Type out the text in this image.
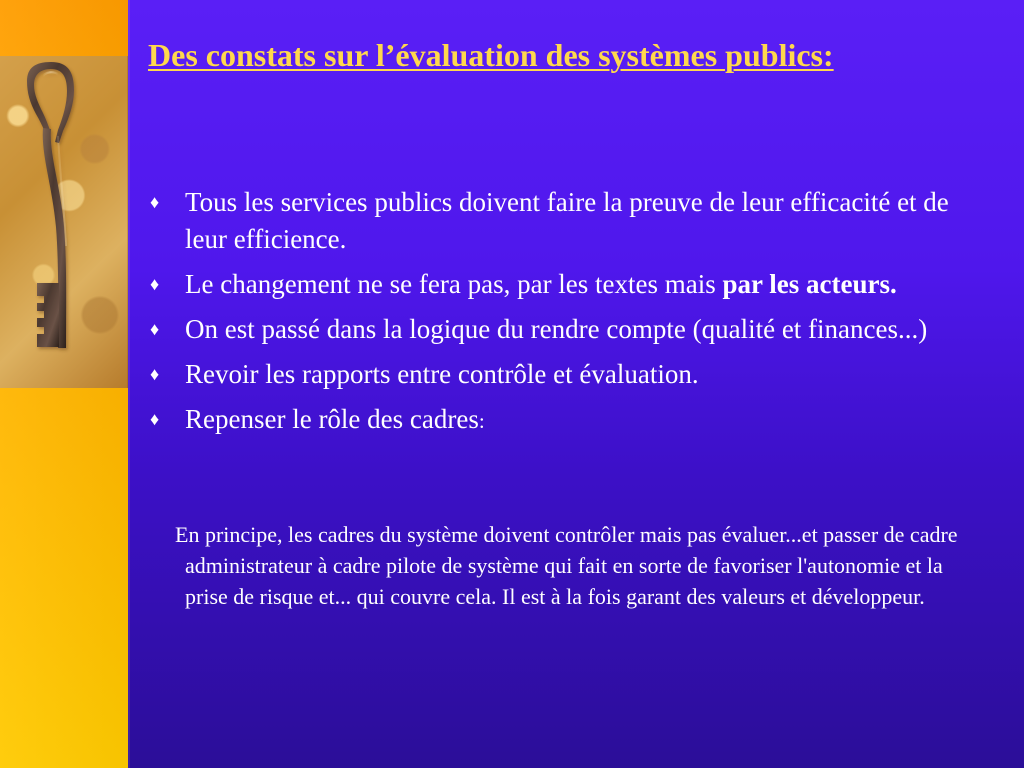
Des constats sur l’évaluation des systèmes publics:
♦ Tous les services publics doivent faire la preuve de leur efficacité et de leur efficience.
♦ Le changement ne se fera pas, par les textes mais par les acteurs.
♦ On est passé dans la logique du rendre compte (qualité et finances...)
♦ Revoir les rapports entre contrôle et évaluation.
♦ Repenser le rôle des cadres:

En principe, les cadres du système doivent contrôler mais pas évaluer...et passer de cadre administrateur à cadre pilote de système qui fait en sorte de favoriser l'autonomie et la prise de risque et... qui couvre cela. Il est à la fois garant des valeurs et développeur.
